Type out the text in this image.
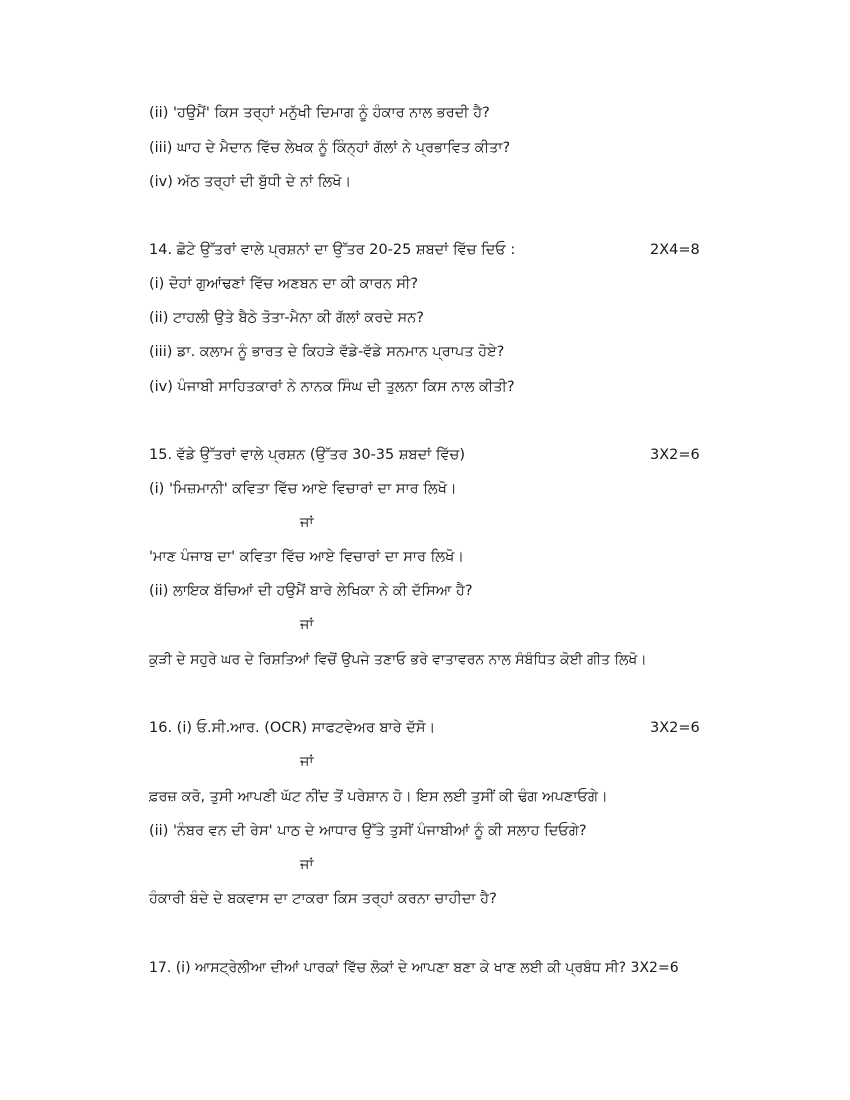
(ii) 'ਹਉਮੈਂ' ਕਿਸ ਤਰ੍ਹਾਂ ਮਨੁੱਖੀ ਦਿਮਾਗ ਨੂੰ ਹੰਕਾਰ ਨਾਲ ਭਰਦੀ ਹੈ?
(iii) ਘਾਹ ਦੇ ਮੈਦਾਨ ਵਿੱਚ ਲੇਖਕ ਨੂੰ ਕਿੰਨ੍ਹਾਂ ਗੱਲਾਂ ਨੇ ਪ੍ਰਭਾਵਿਤ ਕੀਤਾ?
(iv) ਅੱਠ ਤਰ੍ਹਾਂ ਦੀ ਬੁੱਧੀ ਦੇ ਨਾਂ ਲਿਖੋ।
14. ਛੋਟੇ ਉੱਤਰਾਂ ਵਾਲੇ ਪ੍ਰਸ਼ਨਾਂ ਦਾ ਉੱਤਰ 20-25 ਸ਼ਬਦਾਂ ਵਿੱਚ ਦਿਓ :	2X4=8
(i) ਦੋਹਾਂ ਗੁਆਂਢਣਾਂ ਵਿੱਚ ਅਣਬਨ ਦਾ ਕੀ ਕਾਰਨ ਸੀ?
(ii) ਟਾਹਲੀ ਉਤੇ ਬੈਠੇ ਤੋਤਾ-ਮੈਨਾ ਕੀ ਗੱਲਾਂ ਕਰਦੇ ਸਨ?
(iii) ਡਾ. ਕਲਾਮ ਨੂੰ ਭਾਰਤ ਦੇ ਕਿਹੜੇ ਵੱਡੇ-ਵੱਡੇ ਸਨਮਾਨ ਪ੍ਰਾਪਤ ਹੋਏ?
(iv) ਪੰਜਾਬੀ ਸਾਹਿਤਕਾਰਾਂ ਨੇ ਨਾਨਕ ਸਿੰਘ ਦੀ ਤੁਲਨਾ ਕਿਸ ਨਾਲ ਕੀਤੀ?
15. ਵੱਡੇ ਉੱਤਰਾਂ ਵਾਲੇ ਪ੍ਰਸ਼ਨ (ਉੱਤਰ 30-35 ਸ਼ਬਦਾਂ ਵਿੱਚ)	3X2=6
(i) 'ਮਿਜ਼ਮਾਨੀ' ਕਵਿਤਾ ਵਿੱਚ ਆਏ ਵਿਚਾਰਾਂ ਦਾ ਸਾਰ ਲਿਖੋ।
ਜਾਂ
'ਮਾਣ ਪੰਜਾਬ ਦਾ' ਕਵਿਤਾ ਵਿੱਚ ਆਏ ਵਿਚਾਰਾਂ ਦਾ ਸਾਰ ਲਿਖੋ।
(ii) ਲਾਇਕ ਬੱਚਿਆਂ ਦੀ ਹਉਮੈਂ ਬਾਰੇ ਲੇਖਿਕਾ ਨੇ ਕੀ ਦੱਸਿਆ ਹੈ?
ਜਾਂ
ਕੁੜੀ ਦੇ ਸਹੁਰੇ ਘਰ ਦੇ ਰਿਸ਼ਤਿਆਂ ਵਿਚੋਂ ਉਪਜੇ ਤਣਾਓ ਭਰੇ ਵਾਤਾਵਰਨ ਨਾਲ ਸੰਬੰਧਿਤ ਕੋਈ ਗੀਤ ਲਿਖੋ।
16. (i) ਓ.ਸੀ.ਆਰ. (OCR) ਸਾਫਟਵੇਅਰ ਬਾਰੇ ਦੱਸੋ।	3X2=6
ਜਾਂ
ਫ਼ਰਜ਼ ਕਰੋ, ਤੁਸੀ ਆਪਣੀ ਘੱਟ ਨੀਂਦ ਤੋਂ ਪਰੇਸ਼ਾਨ ਹੋ। ਇਸ ਲਈ ਤੁਸੀਂ ਕੀ ਢੰਗ ਅਪਣਾਓਗੇ।
(ii) 'ਨੰਬਰ ਵਨ ਦੀ ਰੇਸ' ਪਾਠ ਦੇ ਆਧਾਰ ਉੱਤੇ ਤੁਸੀਂ ਪੰਜਾਬੀਆਂ ਨੂੰ ਕੀ ਸਲਾਹ ਦਿਓਗੇ?
ਜਾਂ
ਹੰਕਾਰੀ ਬੰਦੇ ਦੇ ਬਕਵਾਸ ਦਾ ਟਾਕਰਾ ਕਿਸ ਤਰ੍ਹਾਂ ਕਰਨਾ ਚਾਹੀਦਾ ਹੈ?
17. (i) ਆਸਟ੍ਰੇਲੀਆ ਦੀਆਂ ਪਾਰਕਾਂ ਵਿੱਚ ਲੋਕਾਂ ਦੇ ਆਪਣਾ ਬਣਾ ਕੇ ਖਾਣ ਲਈ ਕੀ ਪ੍ਰਬੰਧ ਸੀ? 3X2=6
